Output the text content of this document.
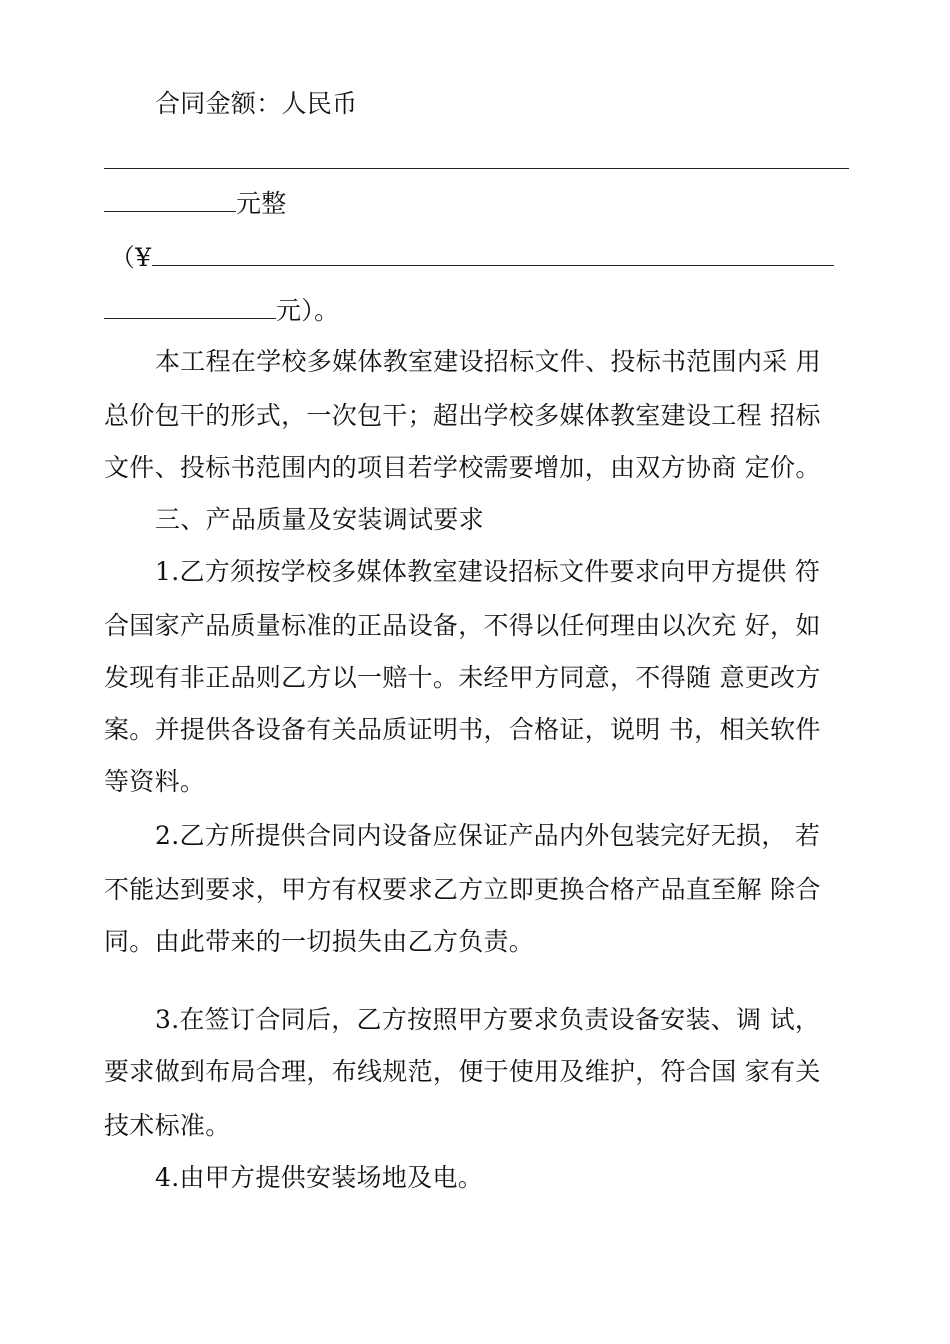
合同金额：人民币
元整
（¥
元）。
本工程在学校多媒体教室建设招标文件、投标书范围内采 用
总价包干的形式，一次包干；超出学校多媒体教室建设工程 招标
文件、投标书范围内的项目若学校需要增加，由双方协商 定价。
三、产品质量及安装调试要求
1.乙方须按学校多媒体教室建设招标文件要求向甲方提供 符
合国家产品质量标准的正品设备，不得以任何理由以次充 好，如
发现有非正品则乙方以一赔十。未经甲方同意，不得随 意更改方
案。并提供各设备有关品质证明书，合格证，说明 书，相关软件
等资料。
2.乙方所提供合同内设备应保证产品内外包装完好无损， 若
不能达到要求，甲方有权要求乙方立即更换合格产品直至解 除合
同。由此带来的一切损失由乙方负责。
3.在签订合同后，乙方按照甲方要求负责设备安装、调 试，
要求做到布局合理，布线规范，便于使用及维护，符合国 家有关
技术标准。
4.由甲方提供安装场地及电。
